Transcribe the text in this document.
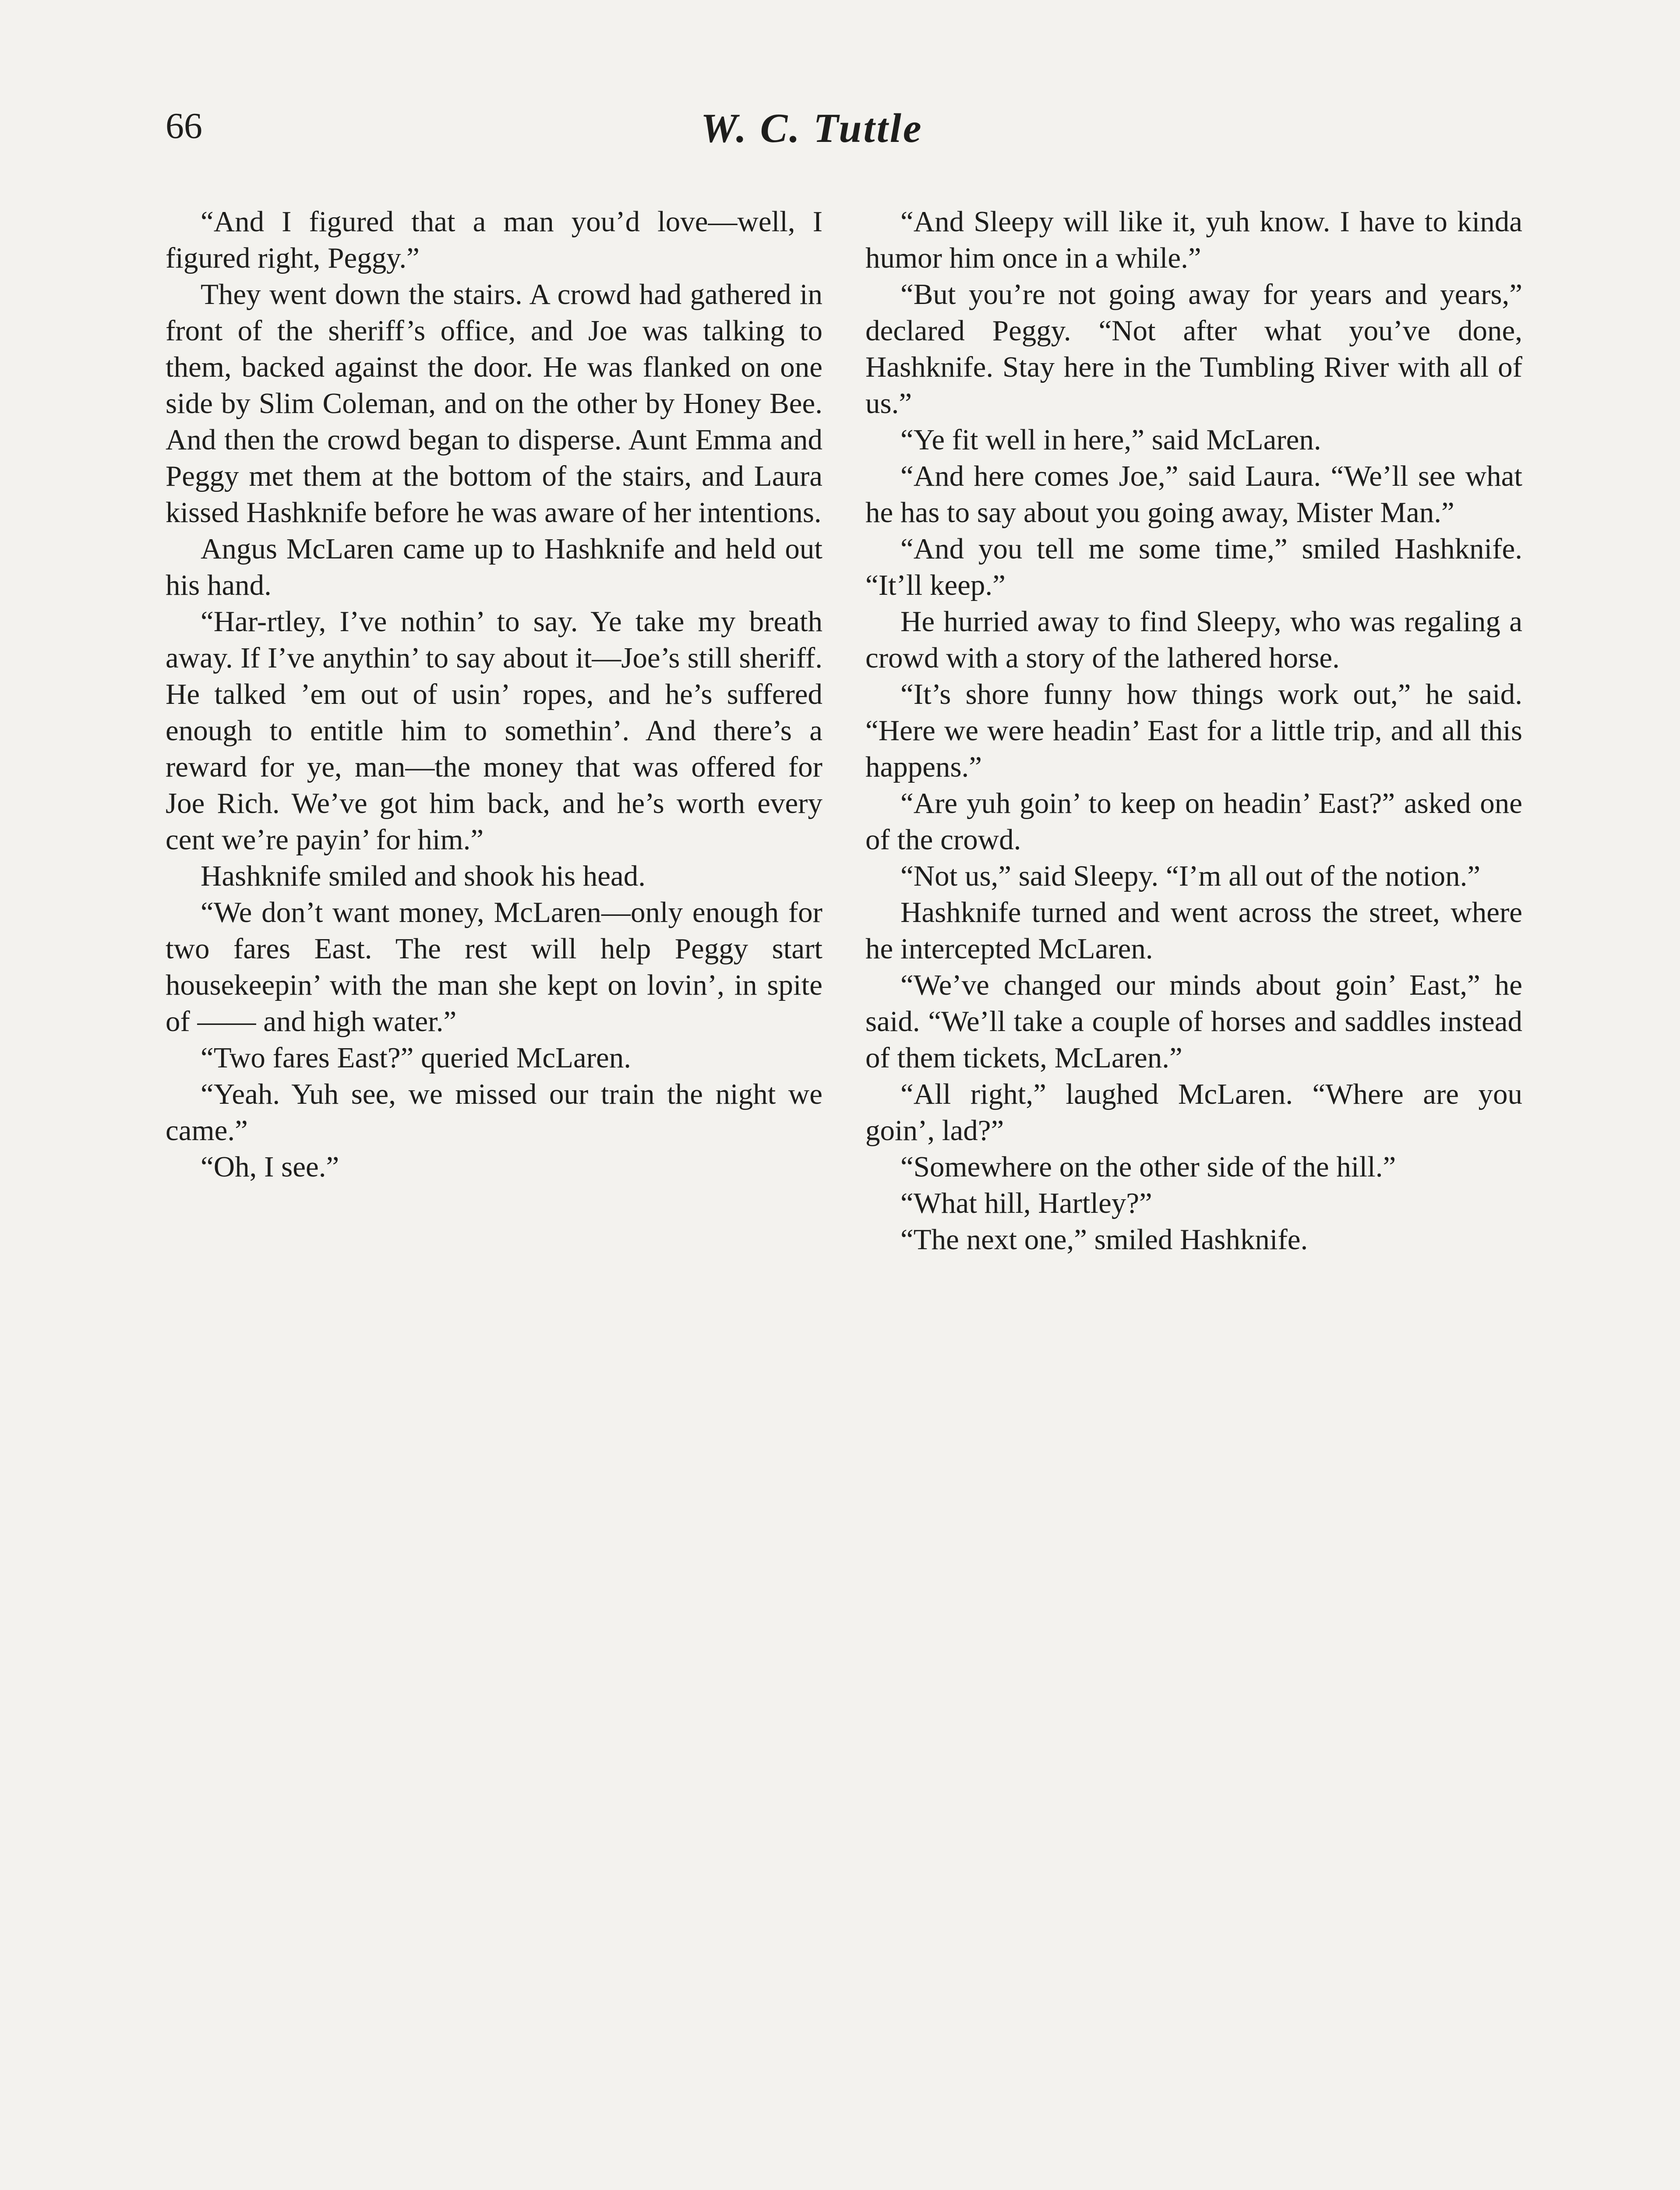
66	W. C. Tuttle

“And I figured that a man you’d love—well, I figured right, Peggy.”

They went down the stairs. A crowd had gathered in front of the sheriff’s office, and Joe was talking to them, backed against the door. He was flanked on one side by Slim Coleman, and on the other by Honey Bee. And then the crowd began to disperse. Aunt Emma and Peggy met them at the bottom of the stairs, and Laura kissed Hashknife before he was aware of her intentions.

Angus McLaren came up to Hashknife and held out his hand.

“Har-rtley, I’ve nothin’ to say. Ye take my breath away. If I’ve anythin’ to say about it—Joe’s still sheriff. He talked ’em out of usin’ ropes, and he’s suffered enough to entitle him to somethin’. And there’s a reward for ye, man—the money that was offered for Joe Rich. We’ve got him back, and he’s worth every cent we’re payin’ for him.”

Hashknife smiled and shook his head.

“We don’t want money, McLaren—only enough for two fares East. The rest will help Peggy start housekeepin’ with the man she kept on lovin’, in spite of —— and high water.”

“Two fares East?” queried McLaren.

“Yeah. Yuh see, we missed our train the night we came.”

“Oh, I see.”

“And Sleepy will like it, yuh know. I have to kinda humor him once in a while.”

“But you’re not going away for years and years,” declared Peggy. “Not after what you’ve done, Hashknife. Stay here in the Tumbling River with all of us.”

“Ye fit well in here,” said McLaren.

“And here comes Joe,” said Laura. “We’ll see what he has to say about you going away, Mister Man.”

“And you tell me some time,” smiled Hashknife. “It’ll keep.”

He hurried away to find Sleepy, who was regaling a crowd with a story of the lathered horse.

“It’s shore funny how things work out,” he said. “Here we were headin’ East for a little trip, and all this happens.”

“Are yuh goin’ to keep on headin’ East?” asked one of the crowd.

“Not us,” said Sleepy. “I’m all out of the notion.”

Hashknife turned and went across the street, where he intercepted McLaren.

“We’ve changed our minds about goin’ East,” he said. “We’ll take a couple of horses and saddles instead of them tickets, McLaren.”

“All right,” laughed McLaren. “Where are you goin’, lad?”

“Somewhere on the other side of the hill.”

“What hill, Hartley?”

“The next one,” smiled Hashknife.
